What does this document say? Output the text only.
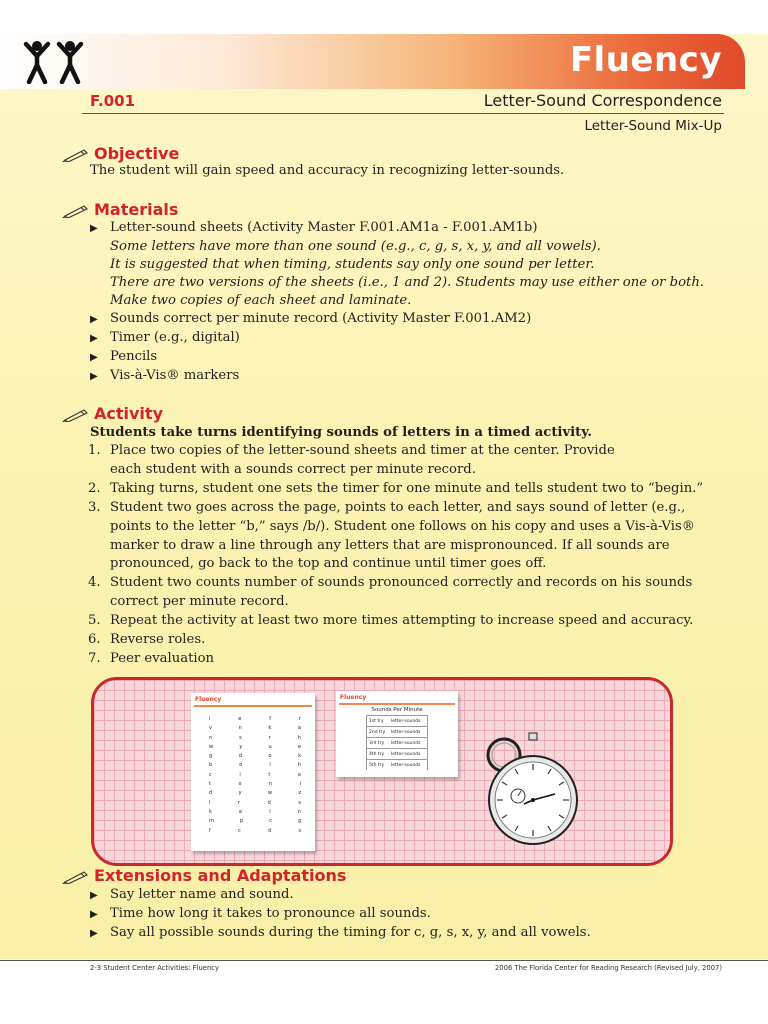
Fluency
F.001	Letter-Sound Correspondence
Letter-Sound Mix-Up
Objective
The student will gain speed and accuracy in recognizing letter-sounds.
Materials
▶ Letter-sound sheets (Activity Master F.001.AM1a - F.001.AM1b)
Some letters have more than one sound (e.g., c, g, s, x, y, and all vowels).
It is suggested that when timing, students say only one sound per letter.
There are two versions of the sheets (i.e., 1 and 2). Students may use either one or both.
Make two copies of each sheet and laminate.
▶ Sounds correct per minute record (Activity Master F.001.AM2)
▶ Timer (e.g., digital)
▶ Pencils
▶ Vis-à-Vis® markers
Activity
Students take turns identifying sounds of letters in a timed activity.
1. Place two copies of the letter-sound sheets and timer at the center. Provide
each student with a sounds correct per minute record.
2. Taking turns, student one sets the timer for one minute and tells student two to “begin.”
3. Student two goes across the page, points to each letter, and says sound of letter (e.g.,
points to the letter “b,” says /b/). Student one follows on his copy and uses a Vis-à-Vis®
marker to draw a line through any letters that are mispronounced. If all sounds are
pronounced, go back to the top and continue until timer goes off.
4. Student two counts number of sounds pronounced correctly and records on his sounds
correct per minute record.
5. Repeat the activity at least two more times attempting to increase speed and accuracy.
6. Reverse roles.
7. Peer evaluation
Fluency
i	e	f	r
v	n	k	a
n	s	r	h
w	y	u	e
g	d	o	k
b	o	l	h
c	i	t	e
t	o	n	i
d	y	w	z
l	r	d	s
k	e	l	n
m	p	c	g
f	c	d	s
Fluency
Sounds Per Minute
1st try	letter-sounds
2nd try	letter-sounds
3rd try	letter-sounds
4th try	letter-sounds
5th try	letter-sounds
Extensions and Adaptations
▶ Say letter name and sound.
▶ Time how long it takes to pronounce all sounds.
▶ Say all possible sounds during the timing for c, g, s, x, y, and all vowels.
2-3 Student Center Activities: Fluency	2006 The Florida Center for Reading Research (Revised July, 2007)
